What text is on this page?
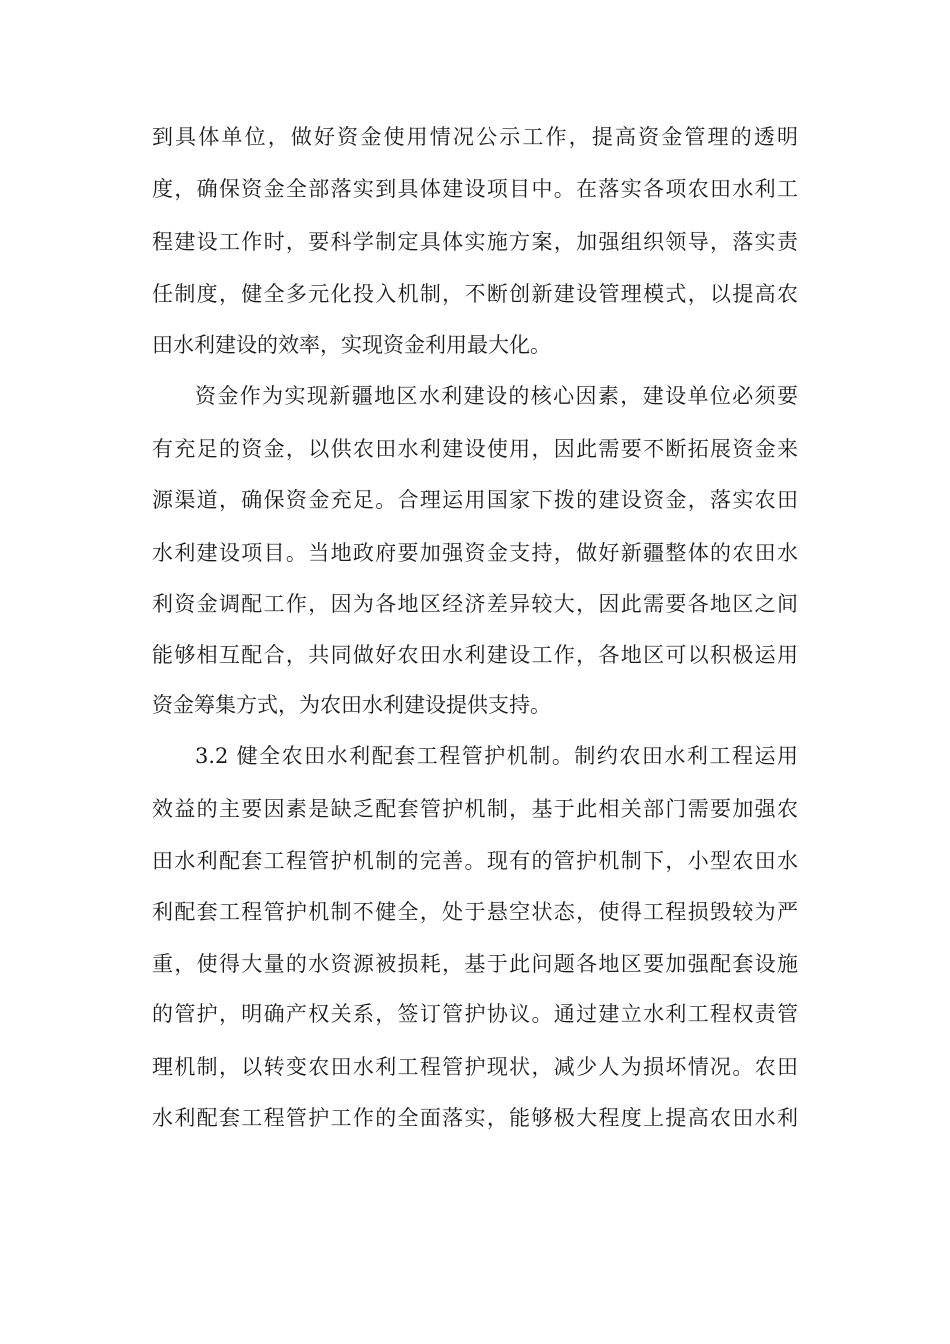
到具体单位，做好资金使用情况公示工作，提高资金管理的透明
度，确保资金全部落实到具体建设项目中。在落实各项农田水利工
程建设工作时，要科学制定具体实施方案，加强组织领导，落实责
任制度，健全多元化投入机制，不断创新建设管理模式，以提高农
田水利建设的效率，实现资金利用最大化。
资金作为实现新疆地区水利建设的核心因素，建设单位必须要
有充足的资金，以供农田水利建设使用，因此需要不断拓展资金来
源渠道，确保资金充足。合理运用国家下拨的建设资金，落实农田
水利建设项目。当地政府要加强资金支持，做好新疆整体的农田水
利资金调配工作，因为各地区经济差异较大，因此需要各地区之间
能够相互配合，共同做好农田水利建设工作，各地区可以积极运用
资金筹集方式，为农田水利建设提供支持。
3.2 健全农田水利配套工程管护机制。制约农田水利工程运用
效益的主要因素是缺乏配套管护机制，基于此相关部门需要加强农
田水利配套工程管护机制的完善。现有的管护机制下，小型农田水
利配套工程管护机制不健全，处于悬空状态，使得工程损毁较为严
重，使得大量的水资源被损耗，基于此问题各地区要加强配套设施
的管护，明确产权关系，签订管护协议。通过建立水利工程权责管
理机制，以转变农田水利工程管护现状，减少人为损坏情况。农田
水利配套工程管护工作的全面落实，能够极大程度上提高农田水利
